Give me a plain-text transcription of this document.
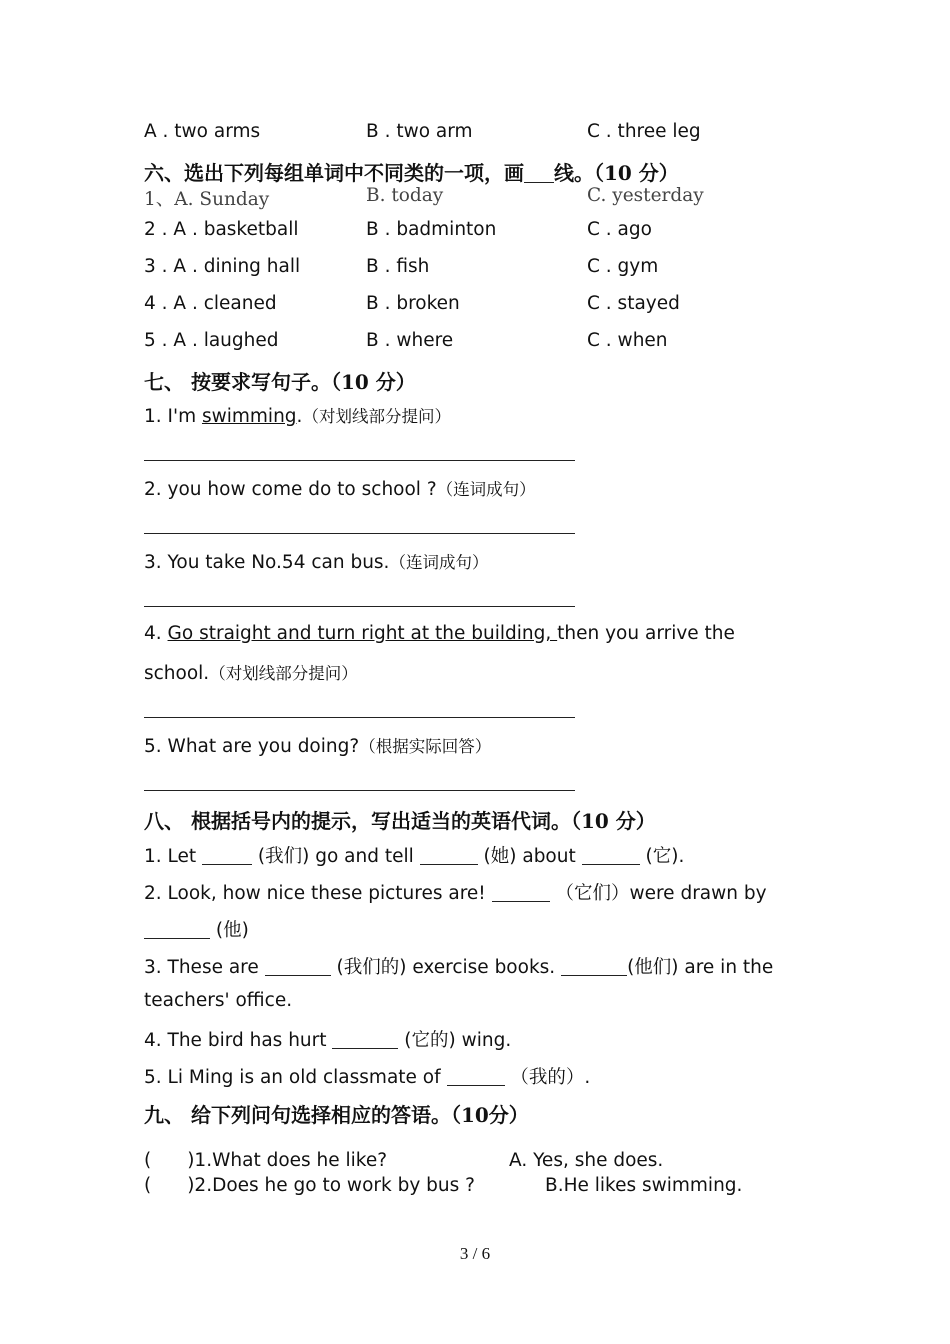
A . two arms	B . two arm	C . three leg
六、选出下列每组单词中不同类的一项，画 线。（10 分）
1、A. Sunday	B. today	C. yesterday
2 . A . basketball	B . badminton	C . ago
3 . A . dining hall	B . fish	C . gym
4 . A . cleaned	B . broken	C . stayed
5 . A . laughed	B . where	C . when
七、 按要求写句子。（10 分）
1. I'm swimming.（对划线部分提问）
2. you how come do to school ?（连词成句）
3. You take No.54 can bus.（连词成句）
4. Go straight and turn right at the building, then you arrive the
school.（对划线部分提问）
5. What are you doing?（根据实际回答）
八、 根据括号内的提示，写出适当的英语代词。（10 分）
1. Let	(我们) go and tell	(她) about	(它).
2. Look, how nice these pictures are!	（它们）were drawn by
(他)
3. These are	(我们的) exercise books.	(他们) are in the
teachers' office.
4. The bird has hurt	(它的) wing.
5. Li Ming is an old classmate of	（我的）.
九、 给下列问句选择相应的答语。（10分）
( )1.What does he like?	A. Yes, she does.
( )2.Does he go to work by bus ?	B.He likes swimming.
3 / 6
